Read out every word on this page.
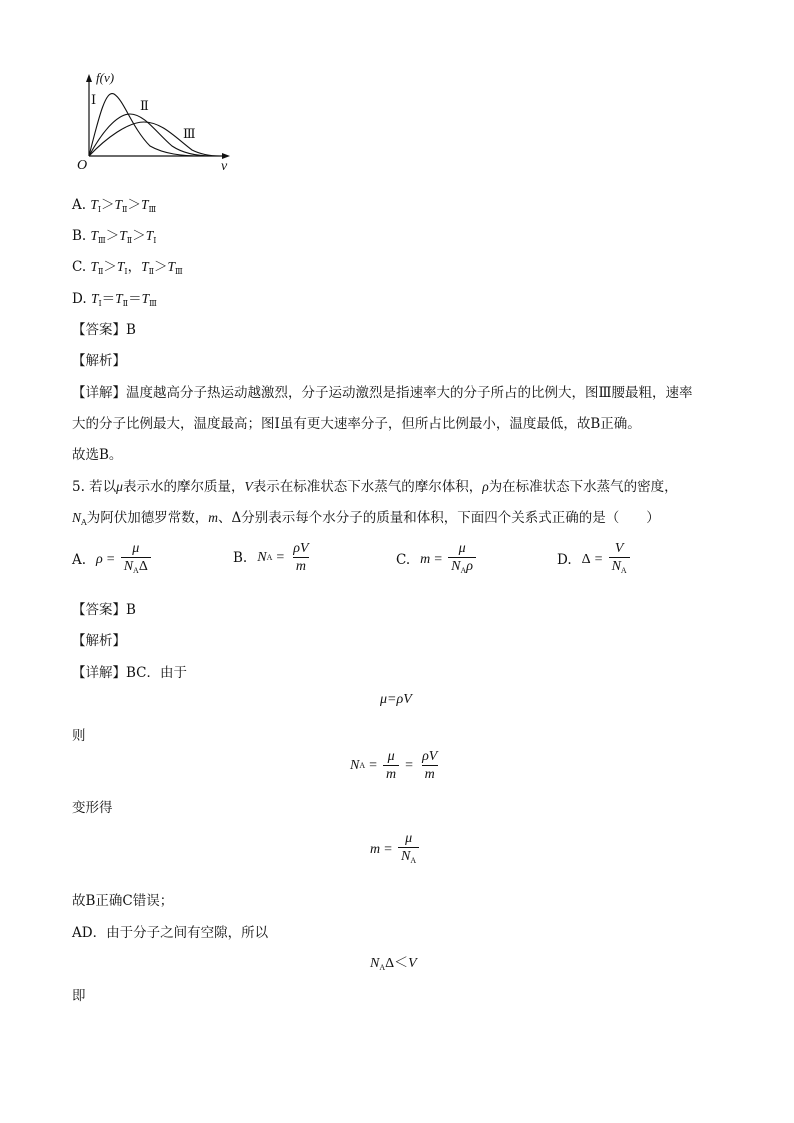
f(v)
Ⅰ	Ⅱ
Ⅲ
O	v
A. $T_Ⅰ>T_Ⅱ>T_Ⅲ$
B. $T_Ⅲ>T_Ⅱ>T_Ⅰ$
C. $T_Ⅱ>T_Ⅰ$，$T_Ⅱ>T_Ⅲ$
D. $T_Ⅰ=T_Ⅱ=T_Ⅲ$
【答案】B
【解析】
【详解】温度越高分子热运动越激烈，分子运动激烈是指速率大的分子所占的比例大，图Ⅲ腰最粗，速率
大的分子比例最大，温度最高；图Ⅰ虽有更大速率分子，但所占比例最小，温度最低，故B正确。
故选B。
5. 若以μ表示水的摩尔质量，V表示在标准状态下水蒸气的摩尔体积，ρ为在标准状态下水蒸气的密度，
$N_A$为阿伏加德罗常数，m、Δ分别表示每个水分子的质量和体积，下面四个关系式正确的是（　　）
A. $\rho = \frac{\mu}{N_A\Delta}$	B. N $A = \frac{\rho V}{m}$	C. $m = \frac{\mu}{N_A\rho}$	D. $\Delta = \frac{V}{N_A}$
【答案】B
【解析】
【详解】BC．由于
μ=ρV
则
N $A = \frac{\mu}{m} = \frac{\rho V}{m}$
变形得
$m = \frac{\mu}{N_A}$
故B正确C错误；
AD．由于分子之间有空隙，所以
$N_A\Delta<V$
即
